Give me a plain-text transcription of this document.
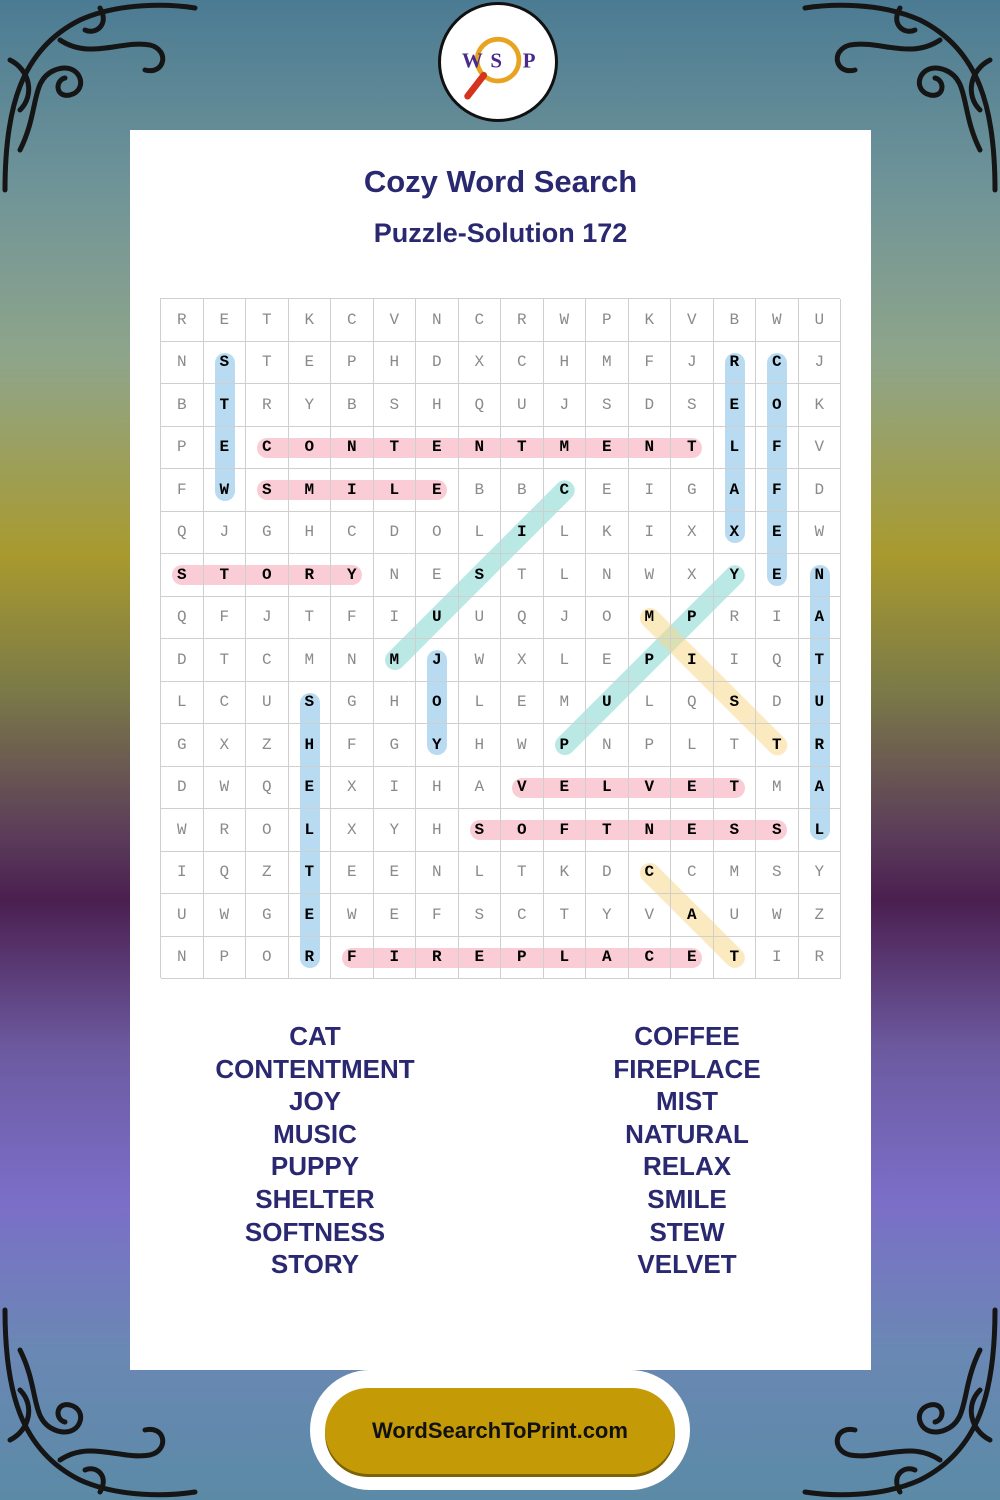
Cozy Word Search
Puzzle-Solution 172
R	E	T	K	C	V	N	C	R	W	P	K	V	B	W	U
N	S	T	E	P	H	D	X	C	H	M	F	J	R	C	J
B	T	R	Y	B	S	H	Q	U	J	S	D	S	E	O	K
P	E	C	O	N	T	E	N	T	M	E	N	T	L	F	V
F	W	S	M	I	L	E	B	B	C	E	I	G	A	F	D
Q	J	G	H	C	D	O	L	I	L	K	I	X	X	E	W
S	T	O	R	Y	N	E	S	T	L	N	W	X	Y	E	N
Q	F	J	T	F	I	U	U	Q	J	O	M	P	R	I	A
D	T	C	M	N	M	J	W	X	L	E	P	I	I	Q	T
L	C	U	S	G	H	O	L	E	M	U	L	Q	S	D	U
G	X	Z	H	F	G	Y	H	W	P	N	P	L	T	T	R
D	W	Q	E	X	I	H	A	V	E	L	V	E	T	M	A
W	R	O	L	X	Y	H	S	O	F	T	N	E	S	S	L
I	Q	Z	T	E	E	N	L	T	K	D	C	C	M	S	Y
U	W	G	E	W	E	F	S	C	T	Y	V	A	U	W	Z
N	P	O	R	F	I	R	E	P	L	A	C	E	T	I	R
CAT
CONTENTMENT
JOY
MUSIC
PUPPY
SHELTER
SOFTNESS
STORY
COFFEE
FIREPLACE
MIST
NATURAL
RELAX
SMILE
STEW
VELVET
W S P
WordSearchToPrint.com
